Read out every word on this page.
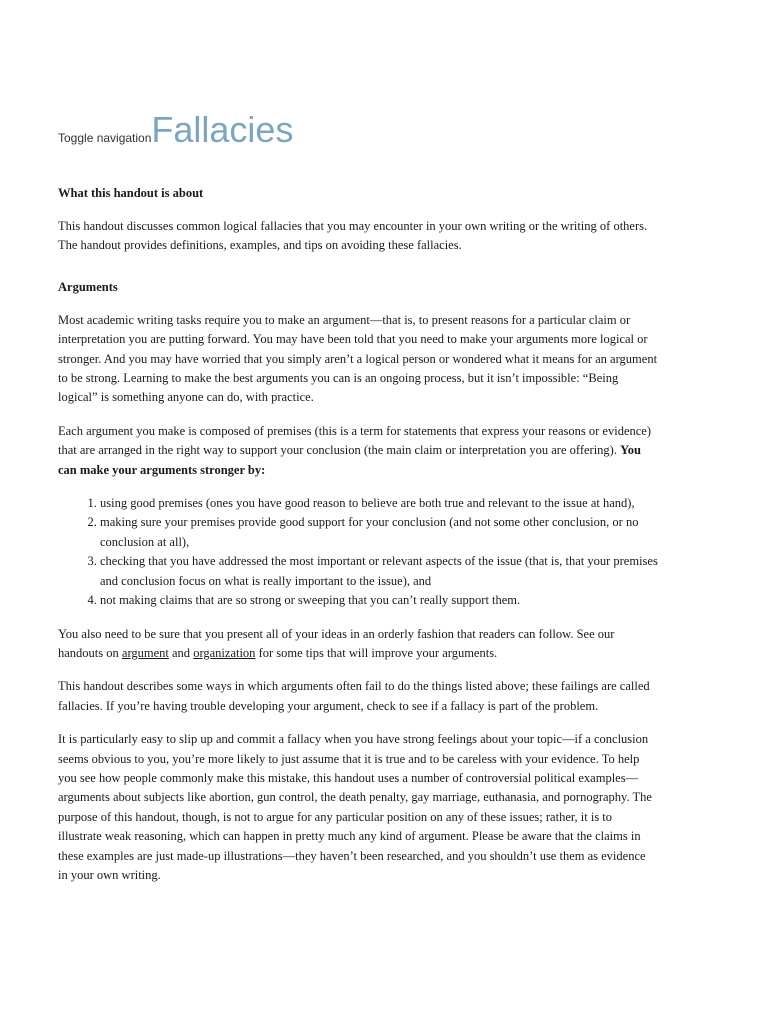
Toggle navigation Fallacies
What this handout is about

This handout discusses common logical fallacies that you may encounter in your own writing or the writing of others. The handout provides definitions, examples, and tips on avoiding these fallacies.

Arguments

Most academic writing tasks require you to make an argument—that is, to present reasons for a particular claim or interpretation you are putting forward. You may have been told that you need to make your arguments more logical or stronger. And you may have worried that you simply aren’t a logical person or wondered what it means for an argument to be strong. Learning to make the best arguments you can is an ongoing process, but it isn’t impossible: “Being logical” is something anyone can do, with practice.

Each argument you make is composed of premises (this is a term for statements that express your reasons or evidence) that are arranged in the right way to support your conclusion (the main claim or interpretation you are offering). You can make your arguments stronger by:

1. using good premises (ones you have good reason to believe are both true and relevant to the issue at hand),
2. making sure your premises provide good support for your conclusion (and not some other conclusion, or no conclusion at all),
3. checking that you have addressed the most important or relevant aspects of the issue (that is, that your premises and conclusion focus on what is really important to the issue), and
4. not making claims that are so strong or sweeping that you can’t really support them.

You also need to be sure that you present all of your ideas in an orderly fashion that readers can follow. See our handouts on argument and organization for some tips that will improve your arguments.

This handout describes some ways in which arguments often fail to do the things listed above; these failings are called fallacies. If you’re having trouble developing your argument, check to see if a fallacy is part of the problem.

It is particularly easy to slip up and commit a fallacy when you have strong feelings about your topic—if a conclusion seems obvious to you, you’re more likely to just assume that it is true and to be careless with your evidence. To help you see how people commonly make this mistake, this handout uses a number of controversial political examples—arguments about subjects like abortion, gun control, the death penalty, gay marriage, euthanasia, and pornography. The purpose of this handout, though, is not to argue for any particular position on any of these issues; rather, it is to illustrate weak reasoning, which can happen in pretty much any kind of argument. Please be aware that the claims in these examples are just made-up illustrations—they haven’t been researched, and you shouldn’t use them as evidence in your own writing.
